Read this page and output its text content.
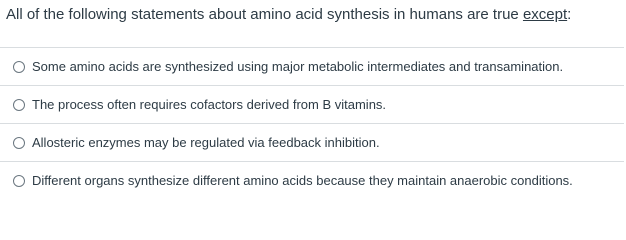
All of the following statements about amino acid synthesis in humans are true except:
Some amino acids are synthesized using major metabolic intermediates and transamination.
The process often requires cofactors derived from B vitamins.
Allosteric enzymes may be regulated via feedback inhibition.
Different organs synthesize different amino acids because they maintain anaerobic conditions.
